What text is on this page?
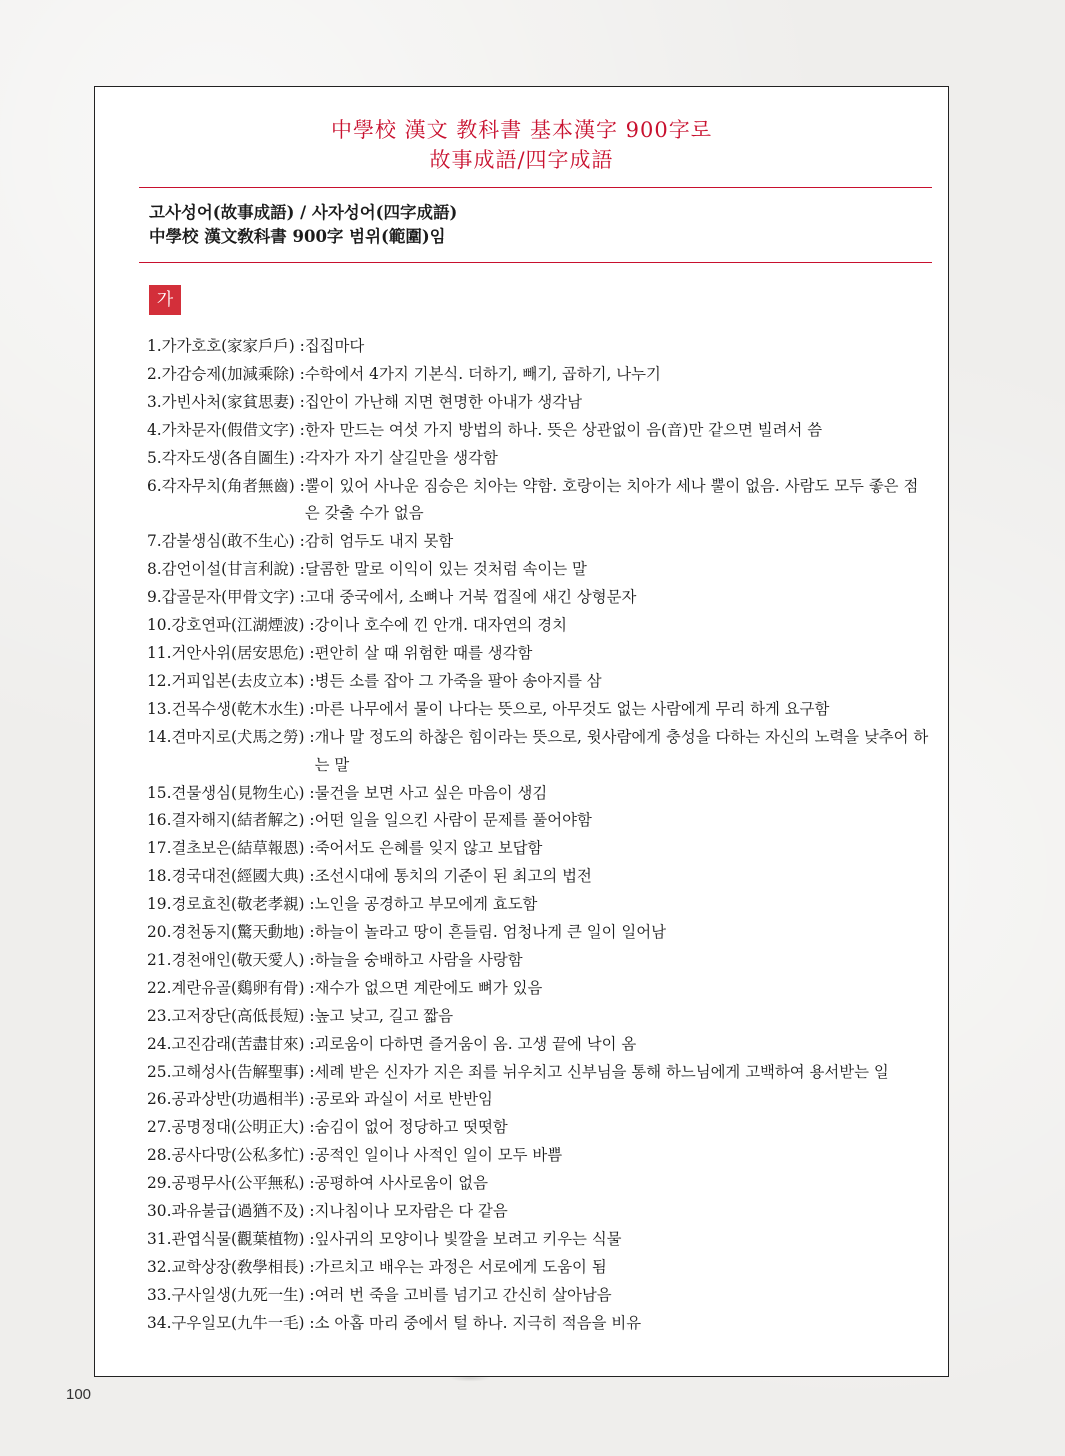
中學校 漢文 教科書 基本漢字 900字로
故事成語/四字成語
고사성어(故事成語) / 사자성어(四字成語)
中學校 漢文敎科書 900字 범위(範圍)임
가
1.가가호호(家家戶戶) : 집집마다
2.가감승제(加減乘除) : 수학에서 4가지 기본식. 더하기, 빼기, 곱하기, 나누기
3.가빈사처(家貧思妻) : 집안이 가난해 지면 현명한 아내가 생각남
4.가차문자(假借文字) : 한자 만드는 여섯 가지 방법의 하나. 뜻은 상관없이 음(音)만 같으면 빌려서 씀
5.각자도생(各自圖生) : 각자가 자기 살길만을 생각함
6.각자무치(角者無齒) : 뿔이 있어 사나운 짐승은 치아는 약함. 호랑이는 치아가 세나 뿔이 없음. 사람도 모두 좋은 점은 갖출 수가 없음
7.감불생심(敢不生心) : 감히 엄두도 내지 못함
8.감언이설(甘言利說) : 달콤한 말로 이익이 있는 것처럼 속이는 말
9.갑골문자(甲骨文字) : 고대 중국에서, 소뼈나 거북 껍질에 새긴 상형문자
10.강호연파(江湖煙波) : 강이나 호수에 낀 안개. 대자연의 경치
11.거안사위(居安思危) : 편안히 살 때 위험한 때를 생각함
12.거피입본(去皮立本) : 병든 소를 잡아 그 가죽을 팔아 송아지를 삼
13.건목수생(乾木水生) : 마른 나무에서 물이 나다는 뜻으로, 아무것도 없는 사람에게 무리 하게 요구함
14.견마지로(犬馬之勞) : 개나 말 정도의 하찮은 힘이라는 뜻으로, 윗사람에게 충성을 다하는 자신의 노력을 낮추어 하는 말
15.견물생심(見物生心) : 물건을 보면 사고 싶은 마음이 생김
16.결자해지(結者解之) : 어떤 일을 일으킨 사람이 문제를 풀어야함
17.결초보은(結草報恩) : 죽어서도 은혜를 잊지 않고 보답함
18.경국대전(經國大典) : 조선시대에 통치의 기준이 된 최고의 법전
19.경로효친(敬老孝親) : 노인을 공경하고 부모에게 효도함
20.경천동지(驚天動地) : 하늘이 놀라고 땅이 흔들림. 엄청나게 큰 일이 일어남
21.경천애인(敬天愛人) : 하늘을 숭배하고 사람을 사랑함
22.계란유골(鷄卵有骨) : 재수가 없으면 계란에도 뼈가 있음
23.고저장단(高低長短) : 높고 낮고, 길고 짧음
24.고진감래(苦盡甘來) : 괴로움이 다하면 즐거움이 옴. 고생 끝에 낙이 옴
25.고해성사(告解聖事) : 세례 받은 신자가 지은 죄를 뉘우치고 신부님을 통해 하느님에게 고백하여 용서받는 일
26.공과상반(功過相半) : 공로와 과실이 서로 반반임
27.공명정대(公明正大) : 숨김이 없어 정당하고 떳떳함
28.공사다망(公私多忙) : 공적인 일이나 사적인 일이 모두 바쁨
29.공평무사(公平無私) : 공평하여 사사로움이 없음
30.과유불급(過猶不及) : 지나침이나 모자람은 다 같음
31.관엽식물(觀葉植物) : 잎사귀의 모양이나 빛깔을 보려고 키우는 식물
32.교학상장(敎學相長) : 가르치고 배우는 과정은 서로에게 도움이 됨
33.구사일생(九死一生) : 여러 번 죽을 고비를 넘기고 간신히 살아남음
34.구우일모(九牛一毛) : 소 아홉 마리 중에서 털 하나. 지극히 적음을 비유
100
